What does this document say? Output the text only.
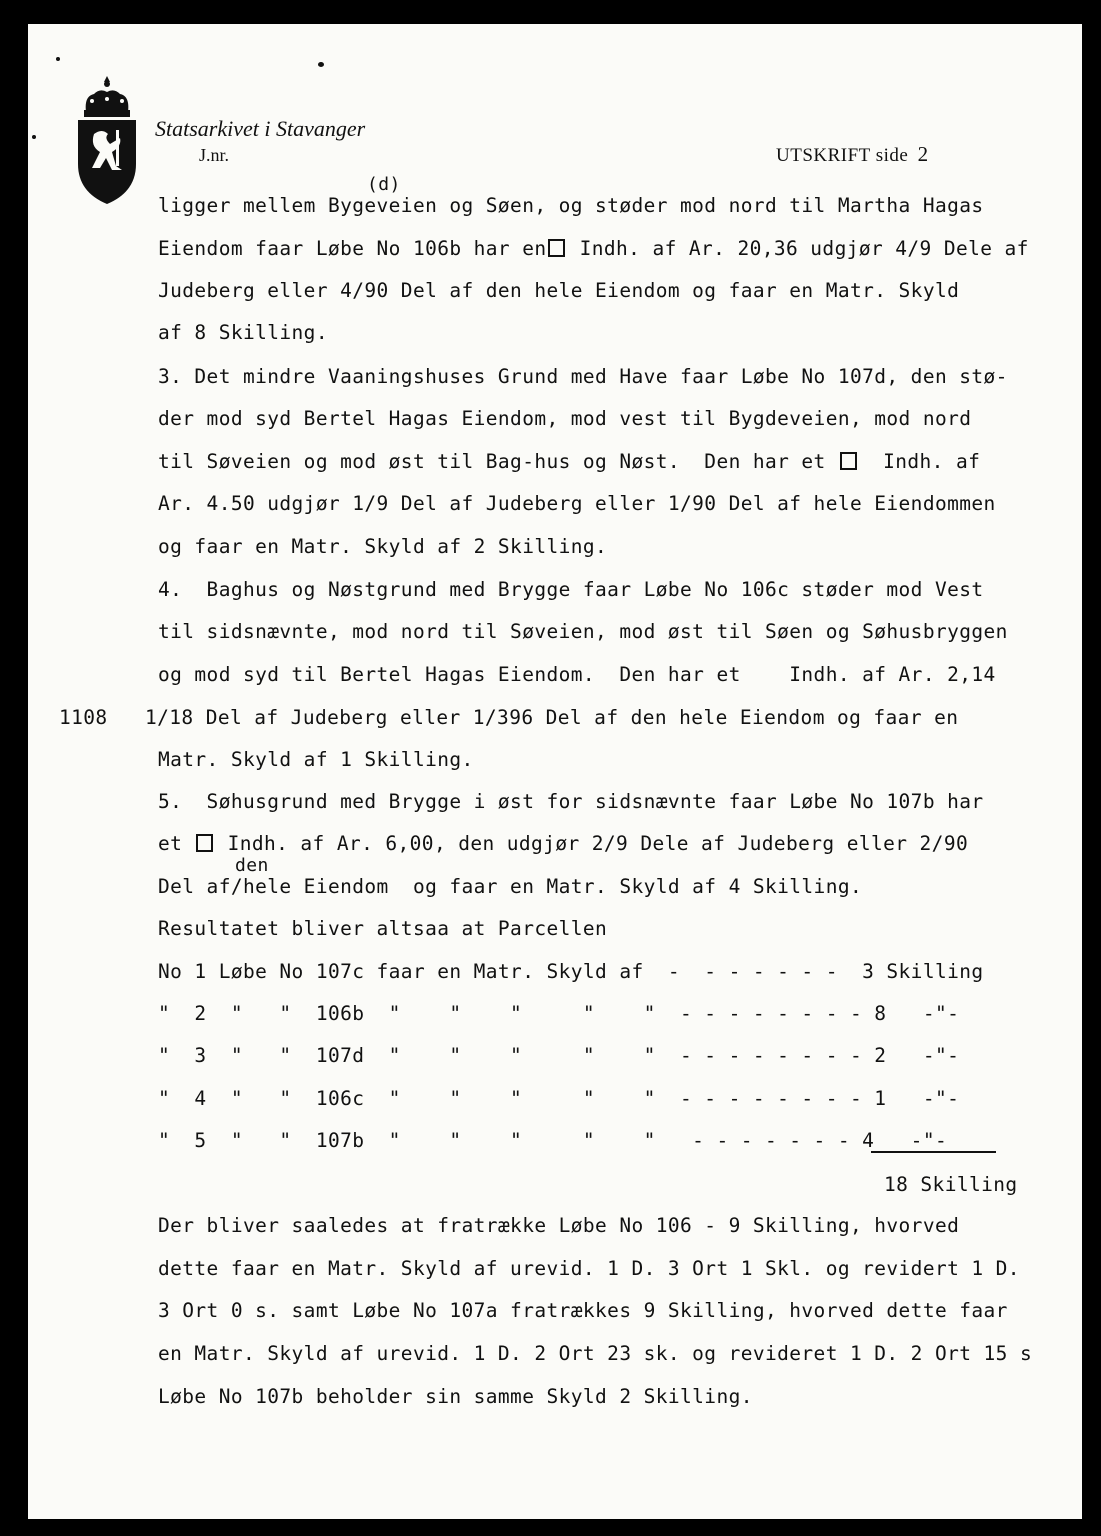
Statsarkivet i Stavanger
J.nr.	UTSKRIFT side 2
(d)
ligger mellem Bygeveien og Søen, og støder mod nord til Martha Hagas
Eiendom faar Løbe No 106b har en Indh. af Ar. 20,36 udgjør 4/9 Dele af
Judeberg eller 4/90 Del af den hele Eiendom og faar en Matr. Skyld
af 8 Skilling.
3. Det mindre Vaaningshuses Grund med Have faar Løbe No 107d, den stø-
der mod syd Bertel Hagas Eiendom, mod vest til Bygdeveien, mod nord
til Søveien og mod øst til Bag-hus og Nøst.  Den har et	Indh. af
Ar. 4.50 udgjør 1/9 Del af Judeberg eller 1/90 Del af hele Eiendommen
og faar en Matr. Skyld af 2 Skilling.
4.  Baghus og Nøstgrund med Brygge faar Løbe No 106c støder mod Vest
til sidsnævnte, mod nord til Søveien, mod øst til Søen og Søhusbryggen
og mod syd til Bertel Hagas Eiendom.  Den har et    Indh. af Ar. 2,14
1108 1/18 Del af Judeberg eller 1/396 Del af den hele Eiendom og faar en
Matr. Skyld af 1 Skilling.
5.  Søhusgrund med Brygge i øst for sidsnævnte faar Løbe No 107b har
et Indh. af Ar. 6,00, den udgjør 2/9 Dele af Judeberg eller 2/90
den
Del af/hele Eiendom  og faar en Matr. Skyld af 4 Skilling.
Resultatet bliver altsaa at Parcellen
No 1 Løbe No 107c faar en Matr. Skyld af  -  - - - - - -  3 Skilling
"  2  "   "  106b  "    "    "     "    "  - - - - - - - - 8   -"-
"  3  "   "  107d  "    "    "     "    "  - - - - - - - - 2   -"-
"  4  "   "  106c  "    "    "     "    "  - - - - - - - - 1   -"-
"  5  "   "  107b  "    "    "     "    "   - - - - - - - 4   -"-
18 Skilling
Der bliver saaledes at fratrække Løbe No 106 - 9 Skilling, hvorved
dette faar en Matr. Skyld af urevid. 1 D. 3 Ort 1 Skl. og revidert 1 D.
3 Ort 0 s. samt Løbe No 107a fratrækkes 9 Skilling, hvorved dette faar
en Matr. Skyld af urevid. 1 D. 2 Ort 23 sk. og revideret 1 D. 2 Ort 15 s
Løbe No 107b beholder sin samme Skyld 2 Skilling.
